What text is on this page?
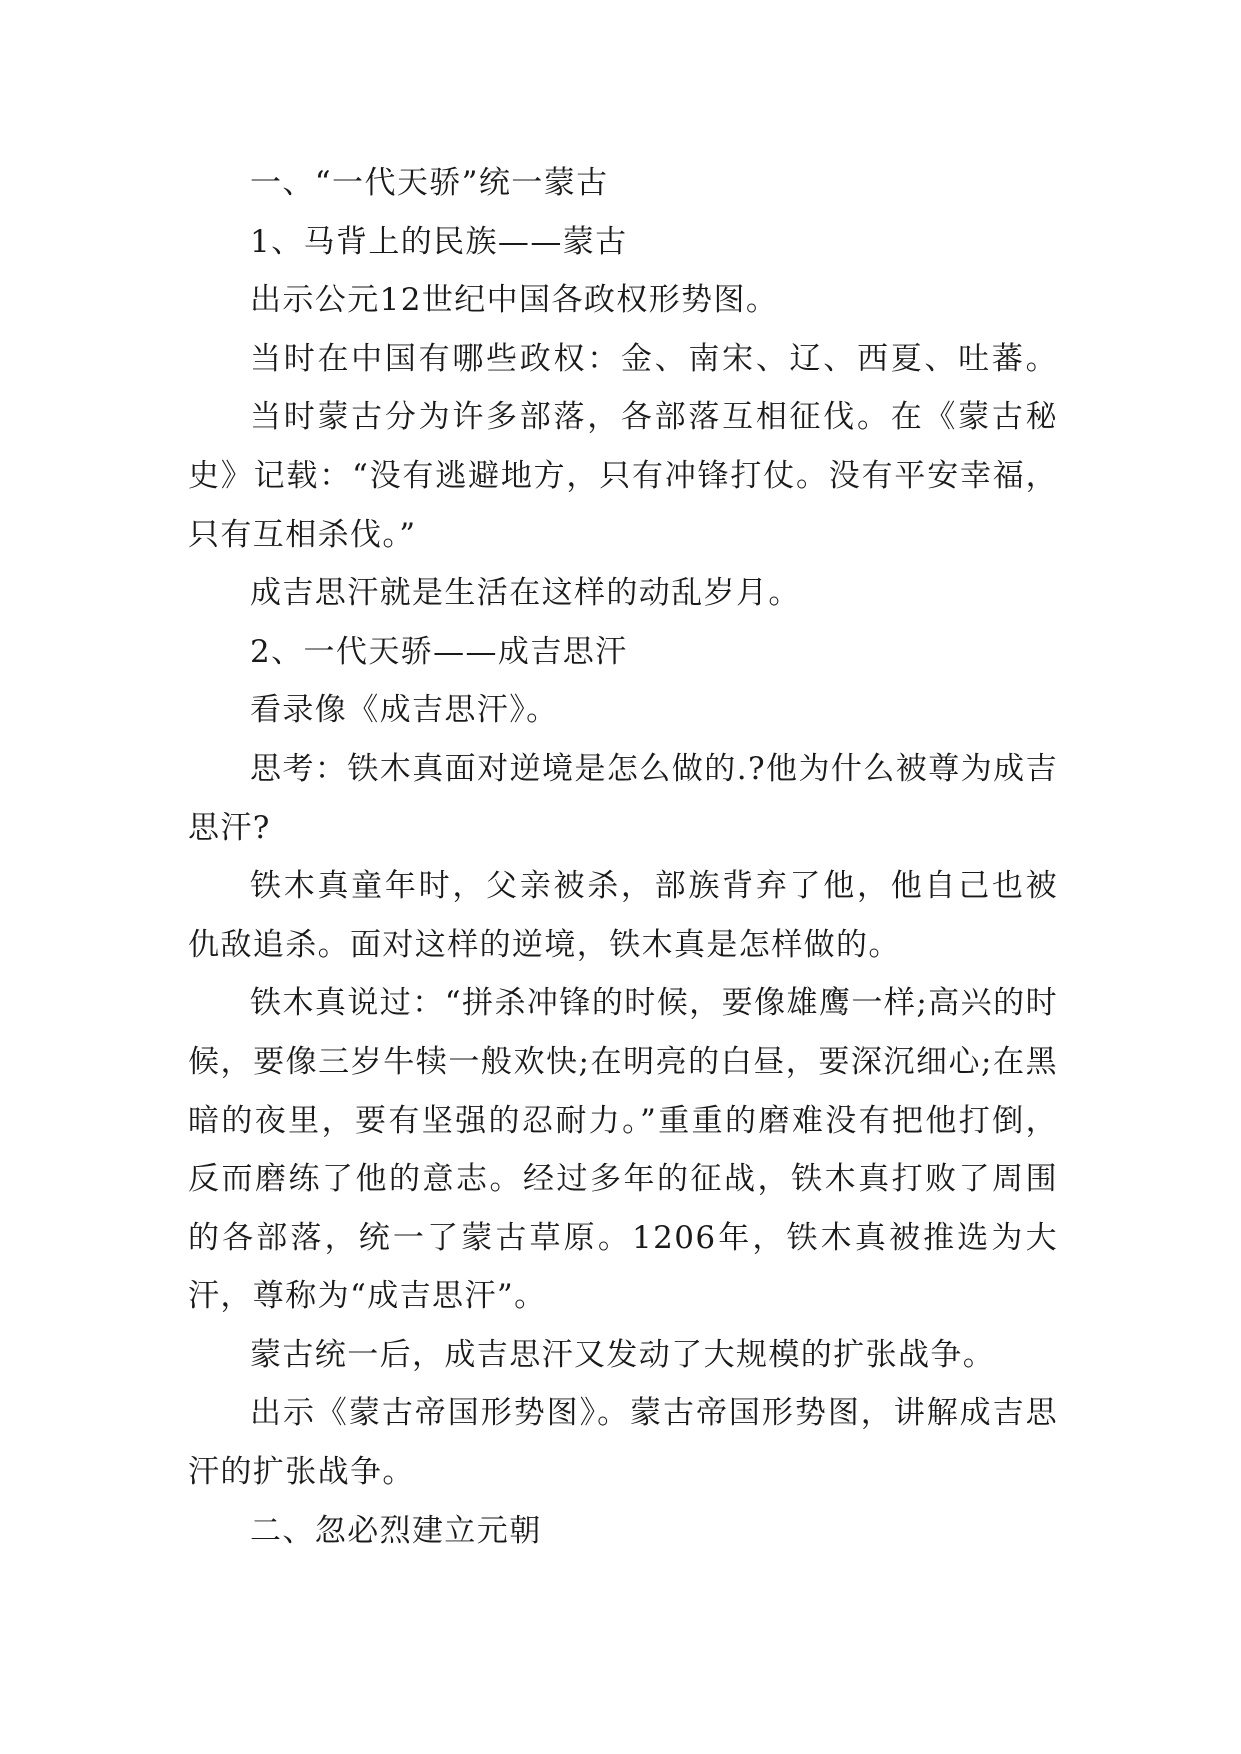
一、“一代天骄”统一蒙古

1、马背上的民族——蒙古

出示公元12世纪中国各政权形势图。

当时在中国有哪些政权：金、南宋、辽、西夏、吐蕃。

当时蒙古分为许多部落，各部落互相征伐。在《蒙古秘史》记载：“没有逃避地方，只有冲锋打仗。没有平安幸福，只有互相杀伐。”

成吉思汗就是生活在这样的动乱岁月。

2、一代天骄——成吉思汗

看录像《成吉思汗》。

思考：铁木真面对逆境是怎么做的.?他为什么被尊为成吉思汗?

铁木真童年时，父亲被杀，部族背弃了他，他自己也被仇敌追杀。面对这样的逆境，铁木真是怎样做的。

铁木真说过：“拼杀冲锋的时候，要像雄鹰一样;高兴的时候，要像三岁牛犊一般欢快;在明亮的白昼，要深沉细心;在黑暗的夜里，要有坚强的忍耐力。”重重的磨难没有把他打倒，反而磨练了他的意志。经过多年的征战，铁木真打败了周围的各部落，统一了蒙古草原。1206年，铁木真被推选为大汗，尊称为“成吉思汗”。

蒙古统一后，成吉思汗又发动了大规模的扩张战争。

出示《蒙古帝国形势图》。蒙古帝国形势图，讲解成吉思汗的扩张战争。

二、忽必烈建立元朝
